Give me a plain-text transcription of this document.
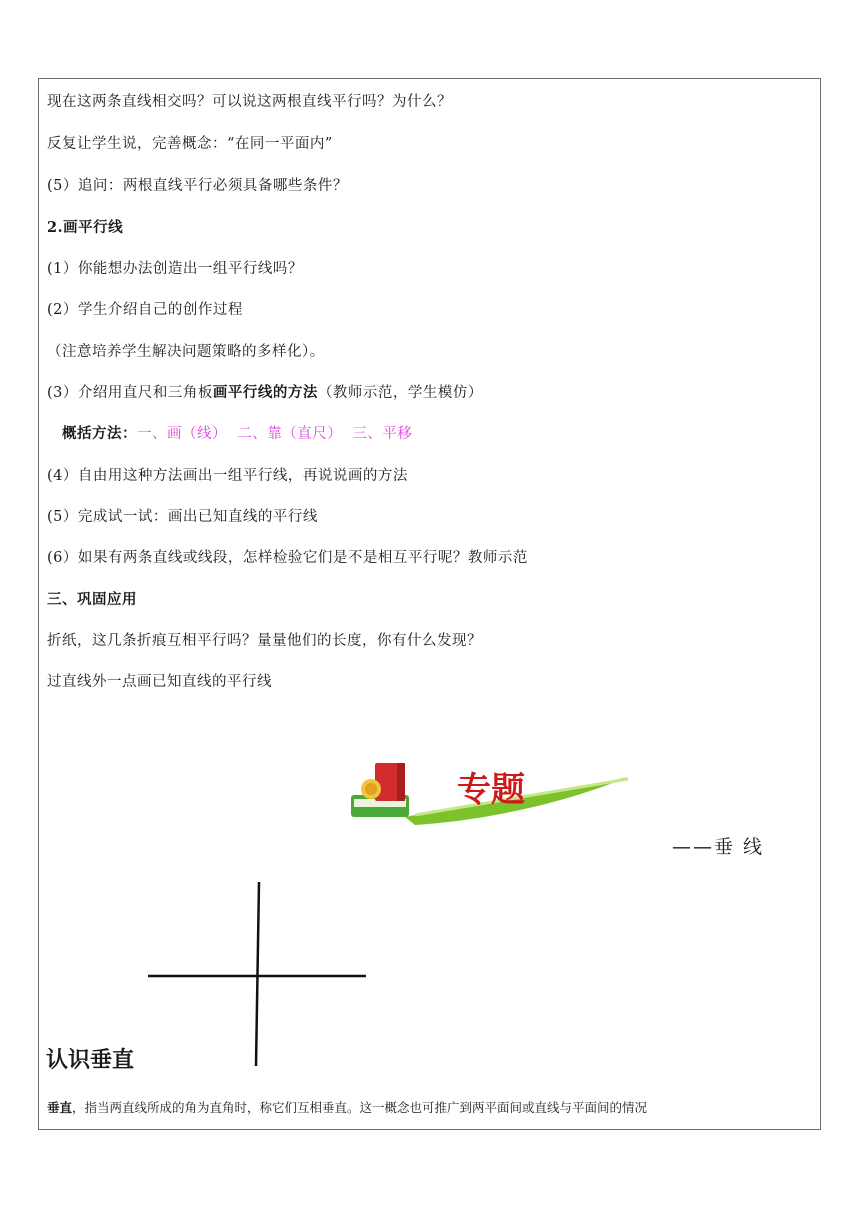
现在这两条直线相交吗？可以说这两根直线平行吗？为什么？
反复让学生说，完善概念：“在同一平面内”
(5）追问：两根直线平行必须具备哪些条件？
2.画平行线
(1）你能想办法创造出一组平行线吗？
(2）学生介绍自己的创作过程
（注意培养学生解决问题策略的多样化）。
(3）介绍用直尺和三角板画平行线的方法（教师示范，学生模仿）
概括方法：一、画（线）  二、靠（直尺）  三、平移
(4）自由用这种方法画出一组平行线，再说说画的方法
(5）完成试一试：画出已知直线的平行线
(6）如果有两条直线或线段，怎样检验它们是不是相互平行呢？教师示范
三、巩固应用
折纸，这几条折痕互相平行吗？量量他们的长度，你有什么发现？
过直线外一点画已知直线的平行线
专题
——垂 线
认识垂直
垂直，指当两直线所成的角为直角时，称它们互相垂直。这一概念也可推广到两平面间或直线与平面间的情况
